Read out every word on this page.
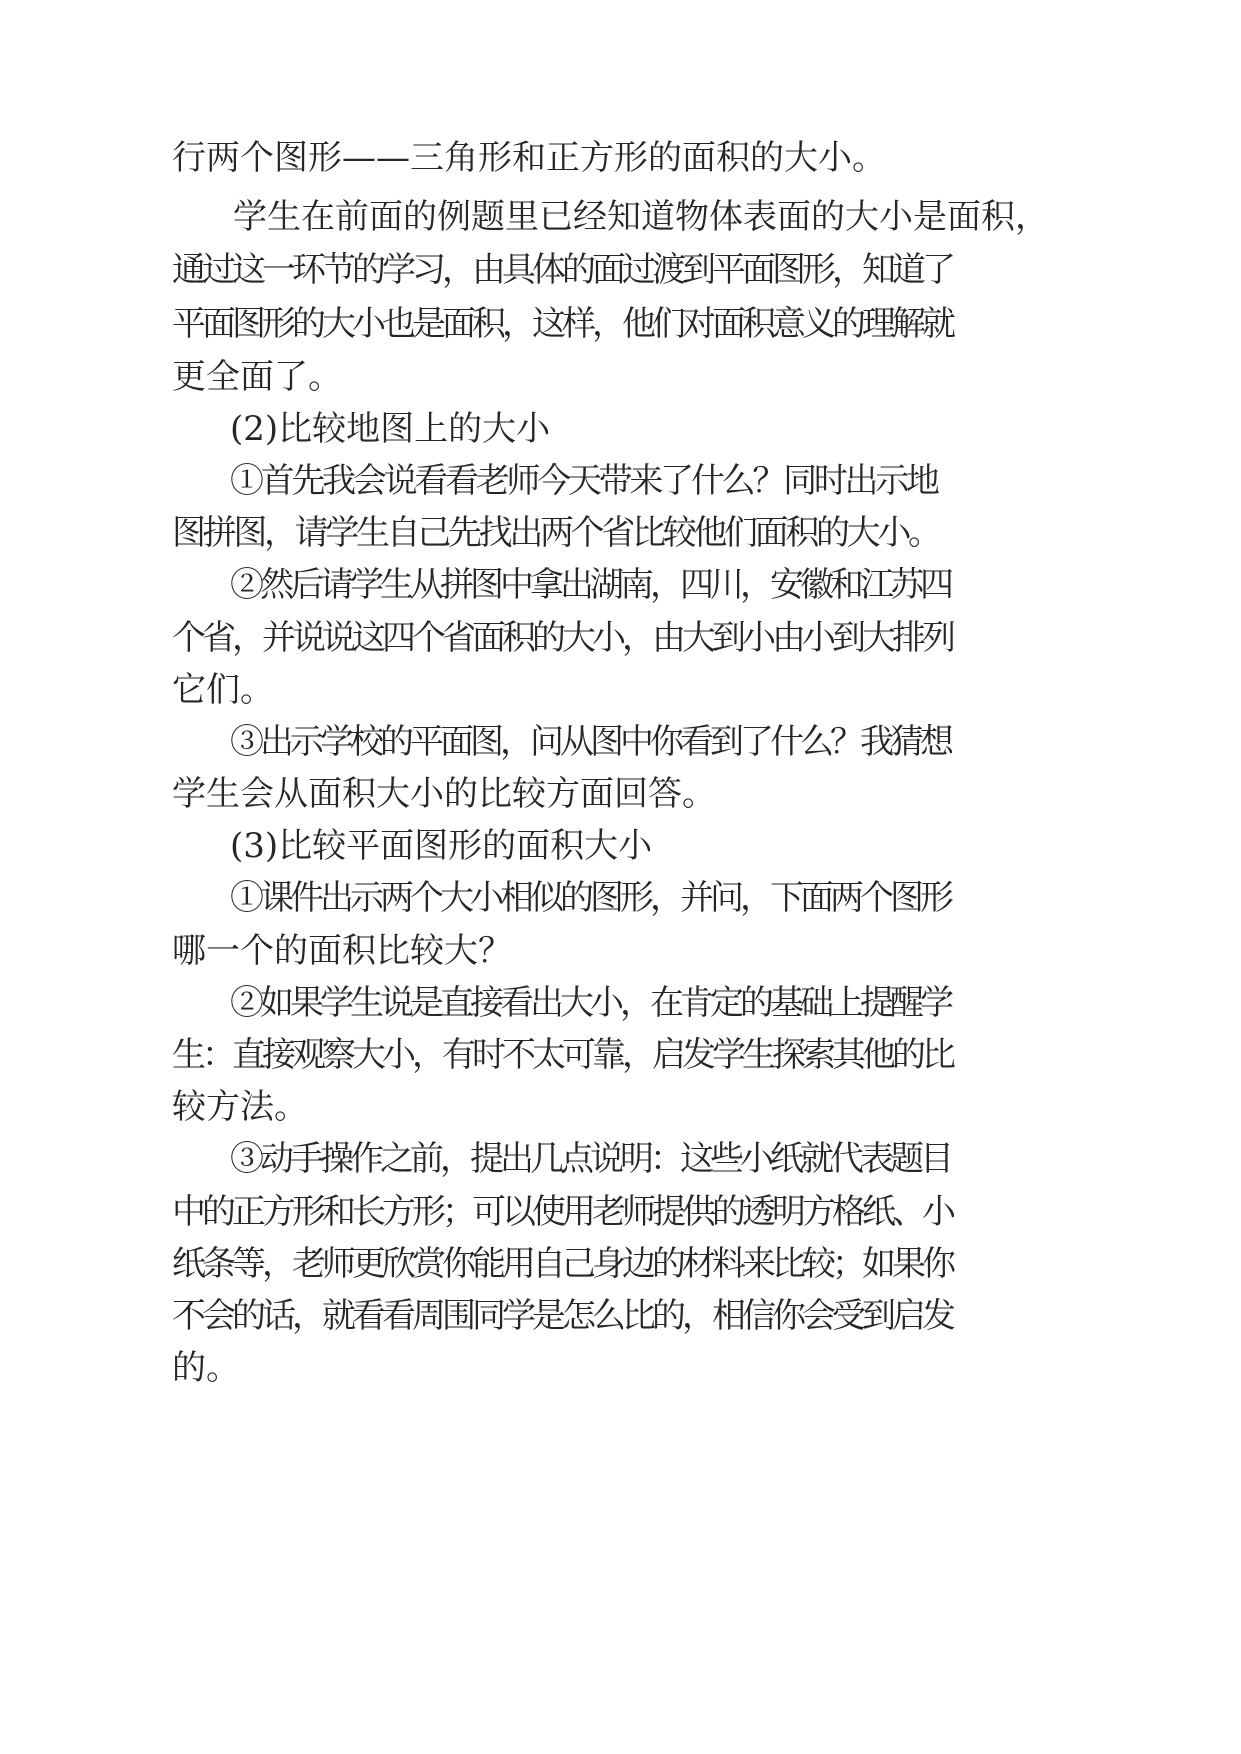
行两个图形——三角形和正方形的面积的大小。

学生在前面的例题里已经知道物体表面的大小是面积，

通过这一环节的学习，由具体的面过渡到平面图形，知道了

平面图形的大小也是面积，这样，他们对面积意义的理解就

更全面了。

(2)比较地图上的大小

①首先我会说看看老师今天带来了什么？同时出示地

图拼图，请学生自己先找出两个省比较他们面积的大小。

②然后请学生从拼图中拿出湖南，四川，安徽和江苏四

个省，并说说这四个省面积的大小，由大到小由小到大排列

它们。

③出示学校的平面图，问从图中你看到了什么？我猜想

学生会从面积大小的比较方面回答。

(3)比较平面图形的面积大小

①课件出示两个大小相似的图形，并问，下面两个图形

哪一个的面积比较大？

②如果学生说是直接看出大小，在肯定的基础上提醒学

生：直接观察大小，有时不太可靠，启发学生探索其他的比

较方法。

③动手操作之前，提出几点说明：这些小纸就代表题目

中的正方形和长方形；可以使用老师提供的透明方格纸、小

纸条等，老师更欣赏你能用自己身边的材料来比较；如果你

不会的话，就看看周围同学是怎么比的，相信你会受到启发

的。
